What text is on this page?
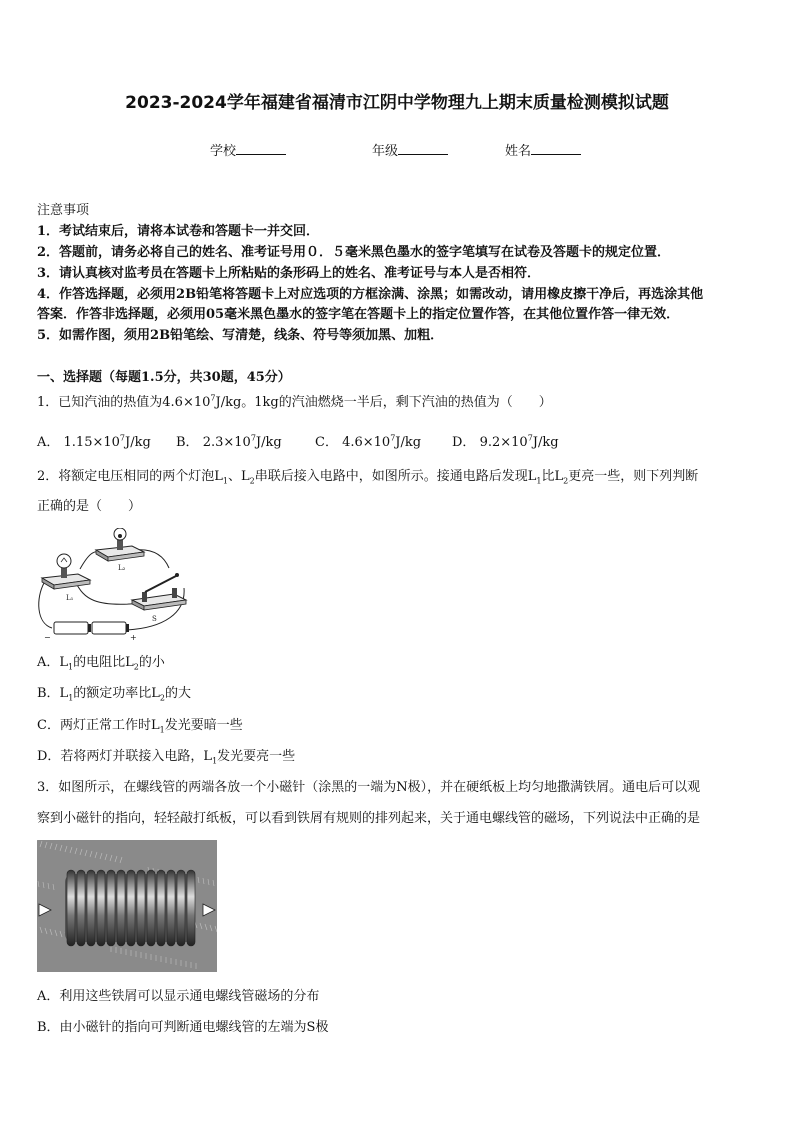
2023-2024学年福建省福清市江阴中学物理九上期末质量检测模拟试题
学校	年级	姓名
注意事项
1．考试结束后，请将本试卷和答题卡一并交回．
2．答题前，请务必将自己的姓名、准考证号用０．５毫米黑色墨水的签字笔填写在试卷及答题卡的规定位置．
3．请认真核对监考员在答题卡上所粘贴的条形码上的姓名、准考证号与本人是否相符．
4．作答选择题，必须用2B铅笔将答题卡上对应选项的方框涂满、涂黑；如需改动，请用橡皮擦干净后，再选涂其他
答案．作答非选择题，必须用05毫米黑色墨水的签字笔在答题卡上的指定位置作答，在其他位置作答一律无效．
5．如需作图，须用2B铅笔绘、写清楚，线条、符号等须加黑、加粗．
一、选择题（每题1.5分，共30题，45分）
1．已知汽油的热值为$4.6\times 10^7J/kg$。1kg的汽油燃烧一半后，剩下汽油的热值为（　　）
A． $1.15\times 10^7J/kg$ B． $2.3\times 10^7J/kg$	C． $4.6\times 10^7J/kg$ D． $9.2\times 10^7J/kg$
2．将额定电压相同的两个灯泡$L_1$、$L_2$串联后接入电路中，如图所示。接通电路后发现$L_1$比$L_2$更亮一些，则下列判断
正确的是（　　）
L₁
L₂
S
−	+
A．$L_1$的电阻比$L_2$的小
B．$L_1$的额定功率比$L_2$的大
C．两灯正常工作时$L_1$发光要暗一些
D．若将两灯并联接入电路，$L_1$发光要亮一些
3．如图所示，在螺线管的两端各放一个小磁针（涂黑的一端为N极），并在硬纸板上均匀地撒满铁屑。通电后可以观
察到小磁针的指向，轻轻敲打纸板，可以看到铁屑有规则的排列起来，关于通电螺线管的磁场，下列说法中正确的是
A．利用这些铁屑可以显示通电螺线管磁场的分布
B．由小磁针的指向可判断通电螺线管的左端为S极
